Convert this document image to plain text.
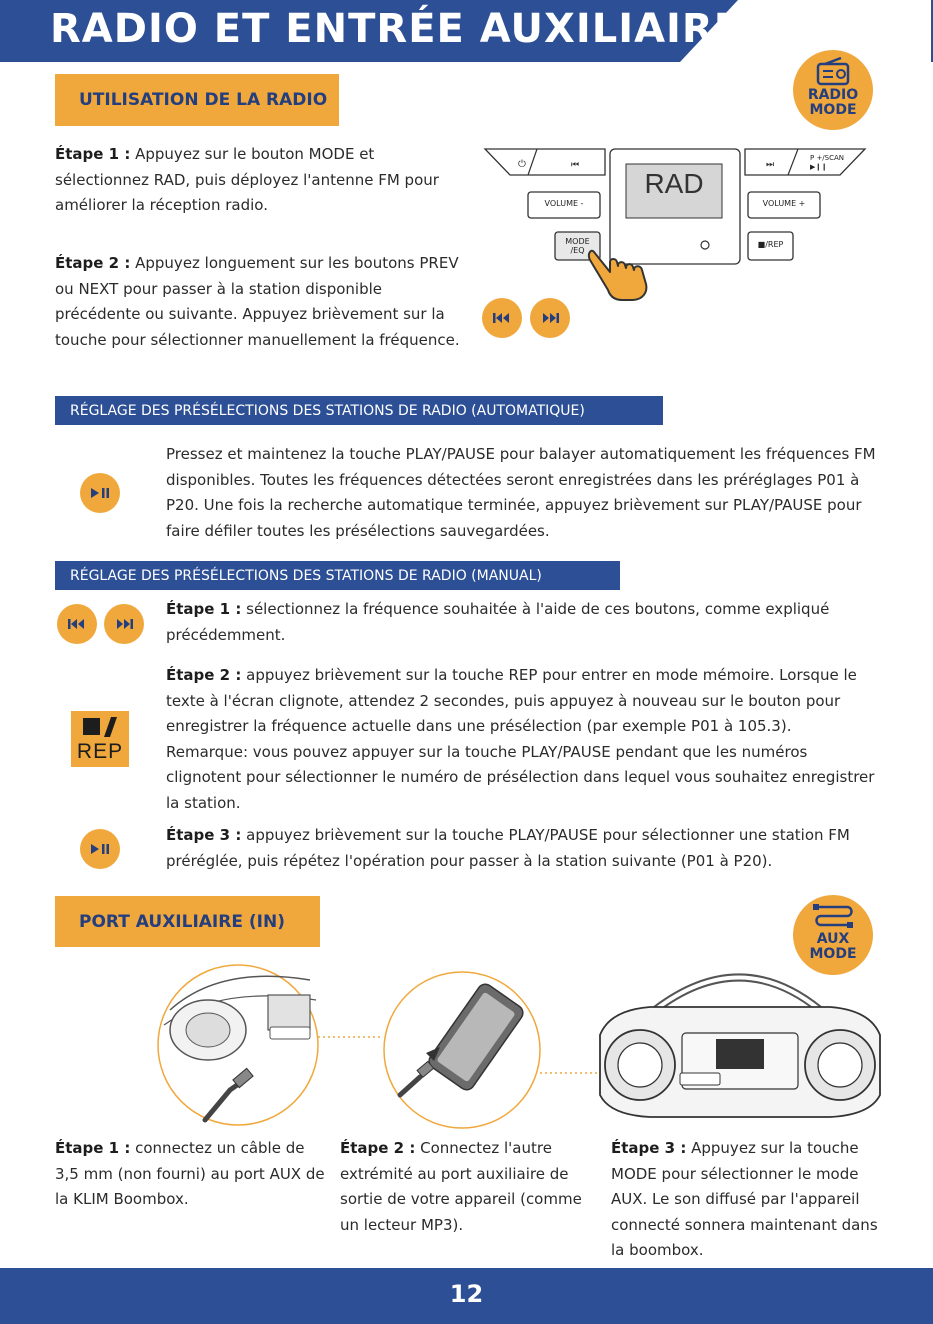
RADIO ET ENTRÉE AUXILIAIRE
UTILISATION DE LA RADIO	RADIO
MODE
Étape 1 : Appuyez sur le bouton MODE et sélectionnez RAD, puis déployez l'antenne FM pour améliorer la réception radio.
Étape 2 : Appuyez longuement sur les boutons PREV ou NEXT pour passer à la station disponible précédente ou suivante. Appuyez brièvement sur la touche pour sélectionner manuellement la fréquence.
⏻	⏮	⏭
RAD
VOLUME -	VOLUME +
MODE
/EQ
■/REP
P +/SCAN
▶❙❙
RÉGLAGE DES PRÉSÉLECTIONS DES STATIONS DE RADIO (AUTOMATIQUE)
Pressez et maintenez la touche PLAY/PAUSE pour balayer automatiquement les fréquences FM disponibles. Toutes les fréquences détectées seront enregistrées dans les préréglages P01 à P20. Une fois la recherche automatique terminée, appuyez brièvement sur PLAY/PAUSE pour faire défiler toutes les présélections sauvegardées.
RÉGLAGE DES PRÉSÉLECTIONS DES STATIONS DE RADIO (MANUAL)
Étape 1 : sélectionnez la fréquence souhaitée à l'aide de ces boutons, comme expliqué précédemment.
REP
Étape 2 : appuyez brièvement sur la touche REP pour entrer en mode mémoire. Lorsque le texte à l'écran clignote, attendez 2 secondes, puis appuyez à nouveau sur le bouton pour enregistrer la fréquence actuelle dans une présélection (par exemple P01 à 105.3). Remarque: vous pouvez appuyer sur la touche PLAY/PAUSE pendant que les numéros clignotent pour sélectionner le numéro de présélection dans lequel vous souhaitez enregistrer la station.
Étape 3 : appuyez brièvement sur la touche PLAY/PAUSE pour sélectionner une station FM préréglée, puis répétez l'opération pour passer à la station suivante (P01 à P20).
PORT AUXILIAIRE (IN)
AUX
MODE
Étape 1 : connectez un câble de 3,5 mm (non fourni) au port AUX de la KLIM Boombox.
Étape 2 : Connectez l'autre extrémité au port auxiliaire de sortie de votre appareil (comme un lecteur MP3).
Étape 3 : Appuyez sur la touche MODE pour sélectionner le mode AUX. Le son diffusé par l'appareil connecté sonnera maintenant dans la boombox.
12
